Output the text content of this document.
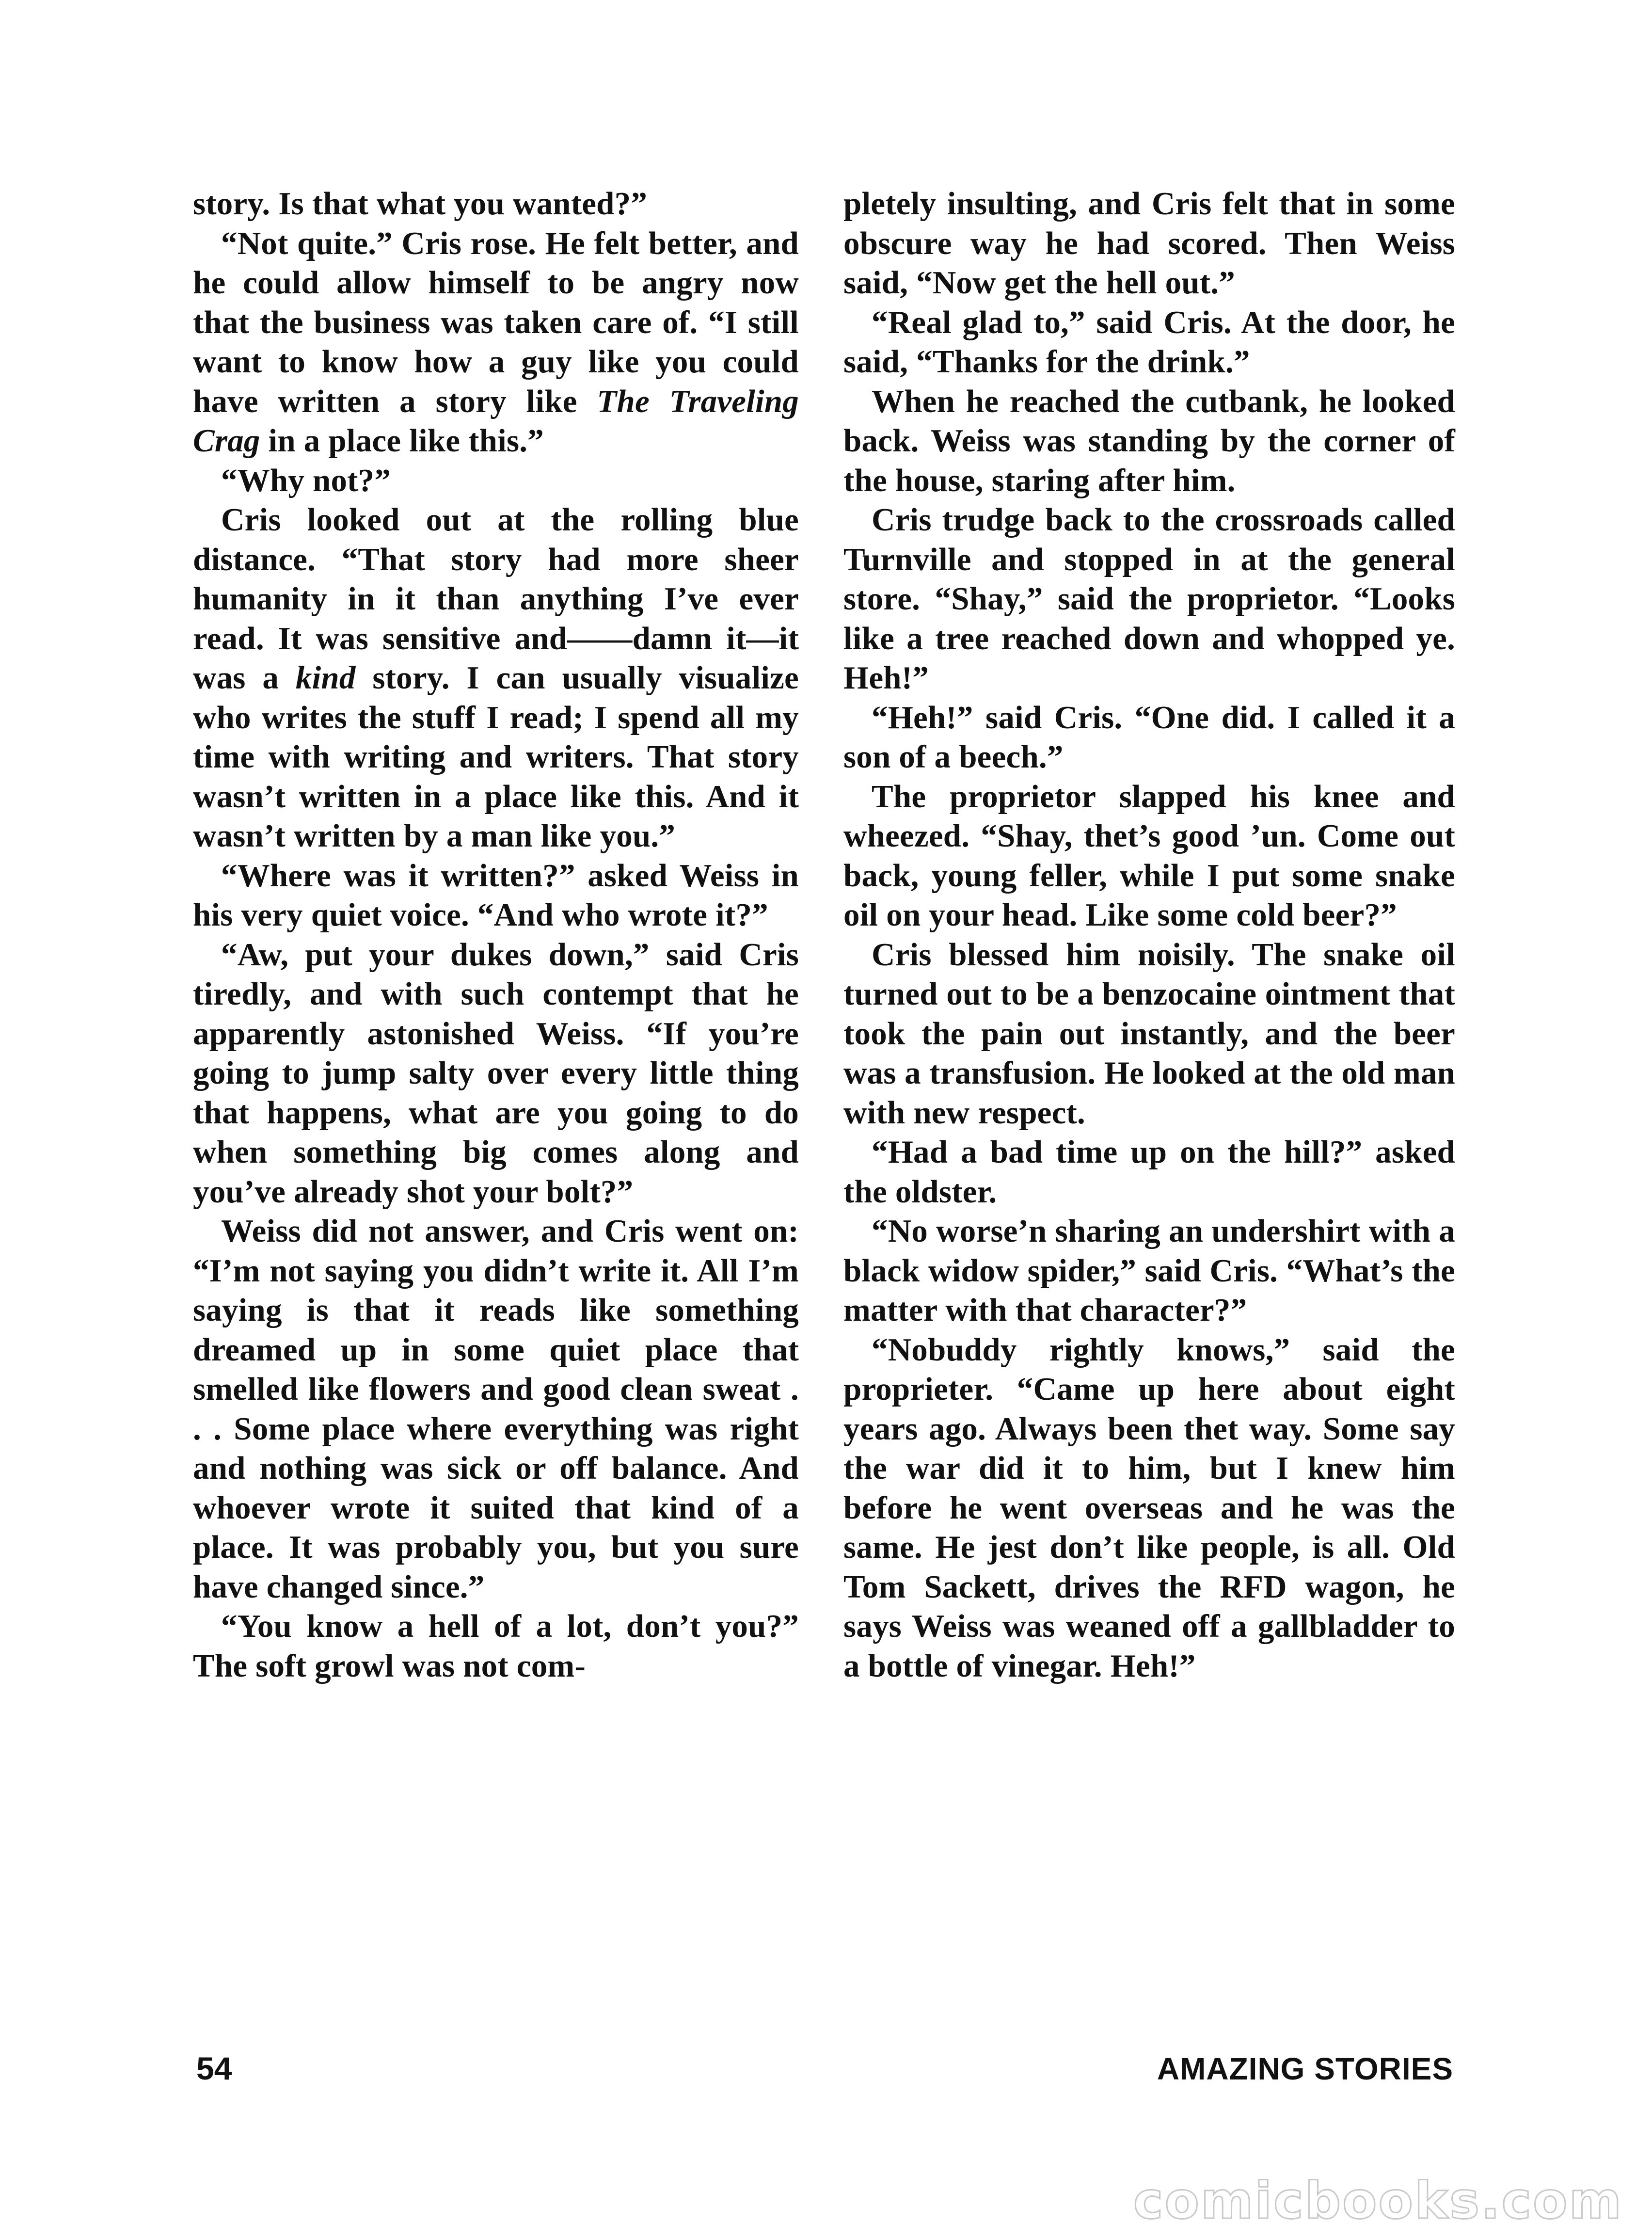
story. Is that what you wanted?”

“Not quite.” Cris rose. He felt better, and he could allow himself to be angry now that the business was taken care of. “I still want to know how a guy like you could have written a story like The Traveling Crag in a place like this.”

“Why not?”

Cris looked out at the rolling blue distance. “That story had more sheer humanity in it than anything I’ve ever read. It was sensitive and——damn it—it was a kind story. I can usually visualize who writes the stuff I read; I spend all my time with writing and writers. That story wasn’t written in a place like this. And it wasn’t written by a man like you.”

“Where was it written?” asked Weiss in his very quiet voice. “And who wrote it?”

“Aw, put your dukes down,” said Cris tiredly, and with such contempt that he apparently astonished Weiss. “If you’re going to jump salty over every little thing that happens, what are you going to do when something big comes along and you’ve already shot your bolt?”

Weiss did not answer, and Cris went on: “I’m not saying you didn’t write it. All I’m saying is that it reads like something dreamed up in some quiet place that smelled like flowers and good clean sweat . . . Some place where everything was right and nothing was sick or off balance. And whoever wrote it suited that kind of a place. It was probably you, but you sure have changed since.”

“You know a hell of a lot, don’t you?” The soft growl was not com-

pletely insulting, and Cris felt that in some obscure way he had scored. Then Weiss said, “Now get the hell out.”

“Real glad to,” said Cris. At the door, he said, “Thanks for the drink.”

When he reached the cutbank, he looked back. Weiss was standing by the corner of the house, staring after him.

Cris trudge back to the crossroads called Turnville and stopped in at the general store. “Shay,” said the proprietor. “Looks like a tree reached down and whopped ye. Heh!”

“Heh!” said Cris. “One did. I called it a son of a beech.”

The proprietor slapped his knee and wheezed. “Shay, thet’s good ’un. Come out back, young feller, while I put some snake oil on your head. Like some cold beer?”

Cris blessed him noisily. The snake oil turned out to be a benzocaine ointment that took the pain out instantly, and the beer was a transfusion. He looked at the old man with new respect.

“Had a bad time up on the hill?” asked the oldster.

“No worse’n sharing an undershirt with a black widow spider,” said Cris. “What’s the matter with that character?”

“Nobuddy rightly knows,” said the proprieter. “Came up here about eight years ago. Always been thet way. Some say the war did it to him, but I knew him before he went overseas and he was the same. He jest don’t like people, is all. Old Tom Sackett, drives the RFD wagon, he says Weiss was weaned off a gallbladder to a bottle of vinegar. Heh!”

54	AMAZING STORIES
comicbooks.com
